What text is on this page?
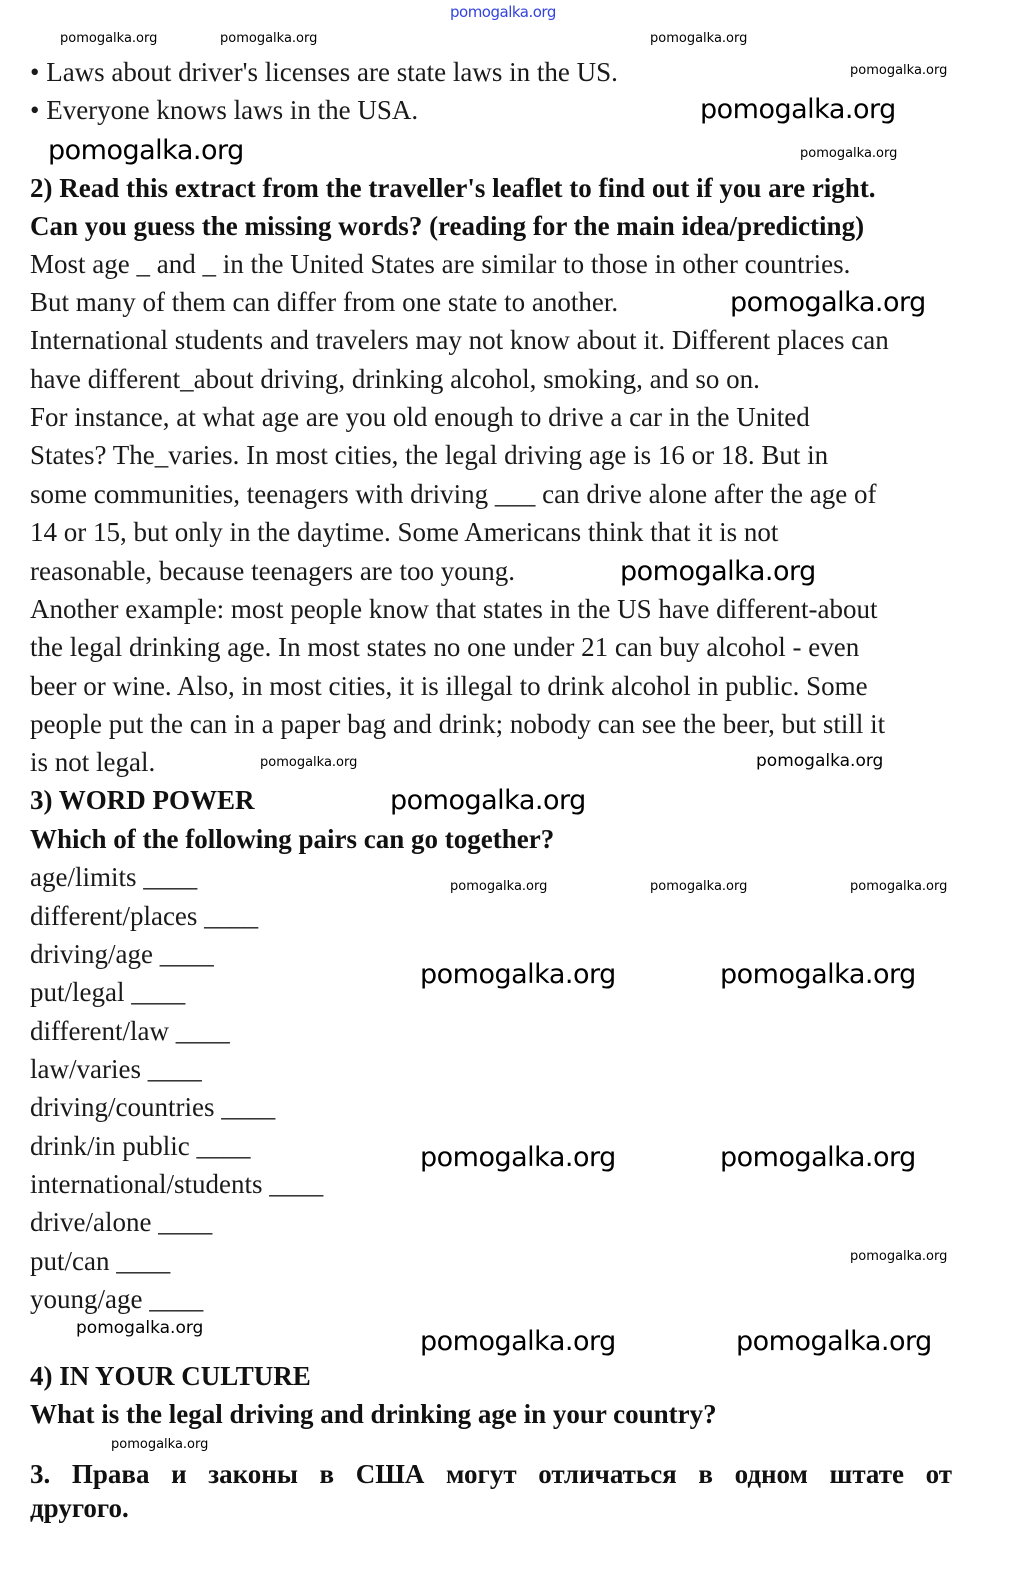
pomogalka.org
• Laws about driver's licenses are state laws in the US.
• Everyone knows laws in the USA.
2) Read this extract from the traveller's leaflet to find out if you are right.
Can you guess the missing words? (reading for the main idea/predicting)
Most age _ and _ in the United States are similar to those in other countries.
But many of them can differ from one state to another.
International students and travelers may not know about it. Different places can
have different_about driving, drinking alcohol, smoking, and so on.
For instance, at what age are you old enough to drive a car in the United
States? The_varies. In most cities, the legal driving age is 16 or 18. But in
some communities, teenagers with driving ___ can drive alone after the age of
14 or 15, but only in the daytime. Some Americans think that it is not
reasonable, because teenagers are too young.
Another example: most people know that states in the US have different-about
the legal drinking age. In most states no one under 21 can buy alcohol - even
beer or wine. Also, in most cities, it is illegal to drink alcohol in public. Some
people put the can in a paper bag and drink; nobody can see the beer, but still it
is not legal.
3) WORD POWER
Which of the following pairs can go together?
age/limits ____
different/places ____
driving/age ____
put/legal ____
different/law ____
law/varies ____
driving/countries ____
drink/in public ____
international/students ____
drive/alone ____
put/can ____
young/age ____
4) IN YOUR CULTURE
What is the legal driving and drinking age in your country?
3. Права и законы в США могут отличаться в одном штате от
другого.
pomogalka.org	pomogalka.org	pomogalka.org
pomogalka.org
pomogalka.org
pomogalka.org	pomogalka.org
pomogalka.org
pomogalka.org
pomogalka.org	pomogalka.org
pomogalka.org
pomogalka.org	pomogalka.org	pomogalka.org
pomogalka.org	pomogalka.org
pomogalka.org	pomogalka.org
pomogalka.org
pomogalka.org	pomogalka.org	pomogalka.org
pomogalka.org
